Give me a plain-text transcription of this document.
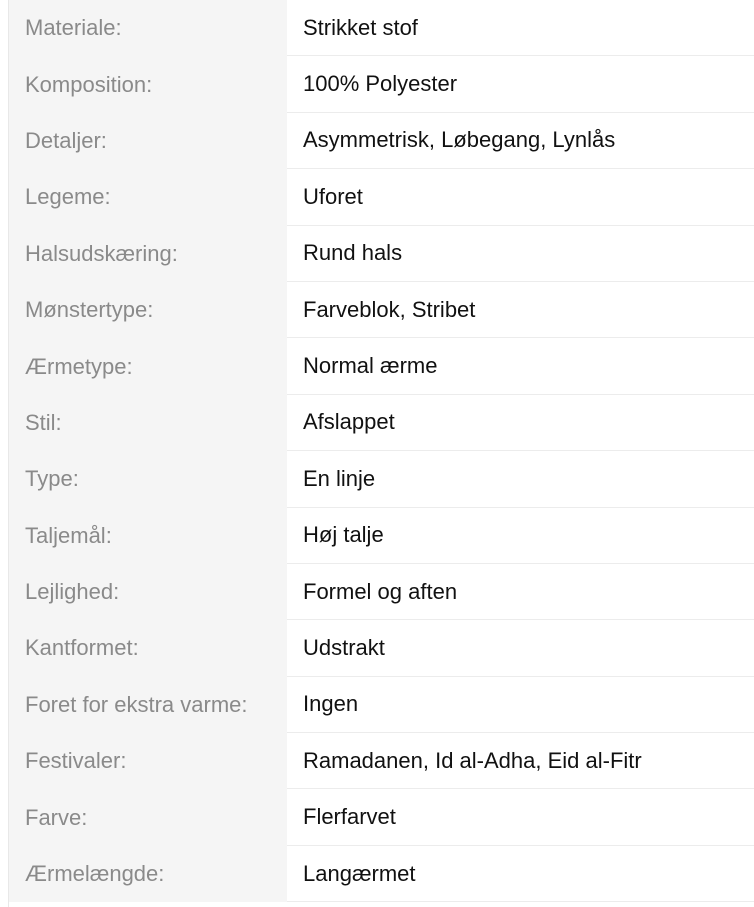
Materiale:	Strikket stof
Komposition:	100% Polyester
Detaljer:	Asymmetrisk, Løbegang, Lynlås
Legeme:	Uforet
Halsudskæring:	Rund hals
Mønstertype:	Farveblok, Stribet
Ærmetype:	Normal ærme
Stil:	Afslappet
Type:	En linje
Taljemål:	Høj talje
Lejlighed:	Formel og aften
Kantformet:	Udstrakt
Foret for ekstra varme:	Ingen
Festivaler:	Ramadanen, Id al-Adha, Eid al-Fitr
Farve:	Flerfarvet
Ærmelængde:	Langærmet
